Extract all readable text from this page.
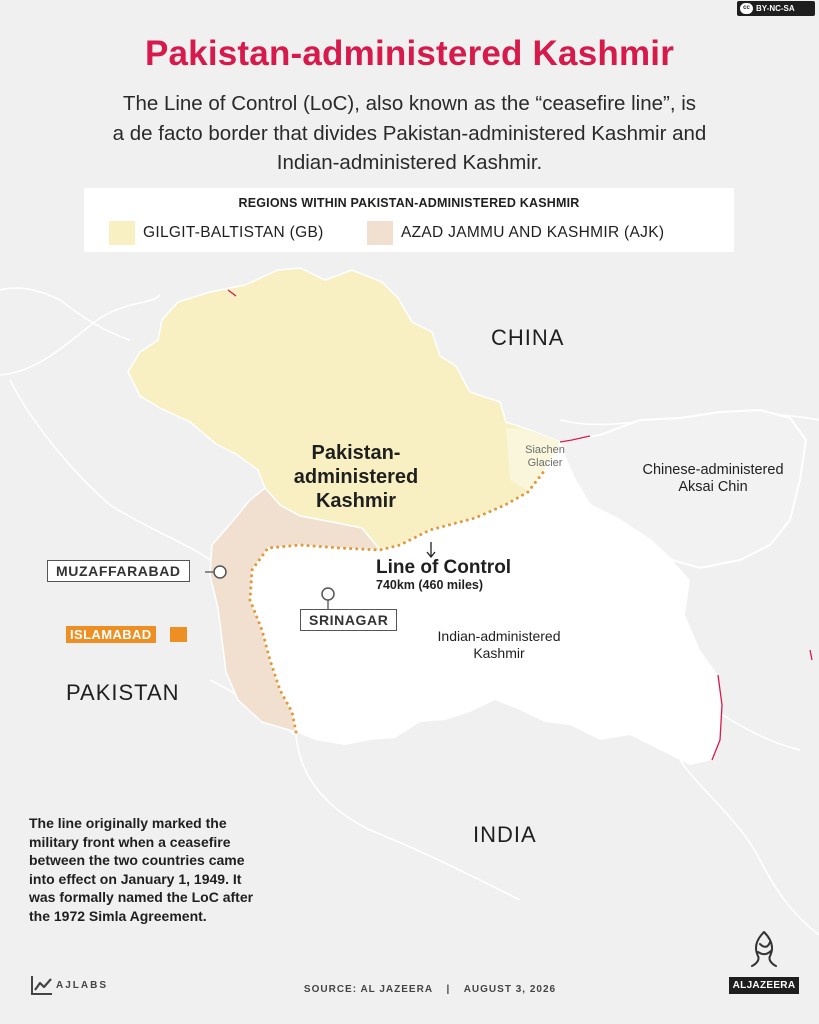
cc BY-NC-SA
Pakistan-administered Kashmir
The Line of Control (LoC), also known as the “ceasefire line”, is
a de facto border that divides Pakistan-administered Kashmir and
Indian-administered Kashmir.
REGIONS WITHIN PAKISTAN-ADMINISTERED KASHMIR
GILGIT-BALTISTAN (GB)	AZAD JAMMU AND KASHMIR (AJK)
CHINA
PAKISTAN
INDIA
Pakistan-
administered
Kashmir
Siachen
Glacier	Chinese-administered
Aksai Chin
Indian-administered
Kashmir
Line of Control
740km (460 miles)
MUZAFFARABAD
SRINAGAR
ISLAMABAD
The line originally marked the military front when a ceasefire between the two countries came into effect on January 1, 1949. It was formally named the LoC after the 1972 Simla Agreement.
AJLABS	SOURCE: AL JAZEERA | AUGUST 3, 2026	ALJAZEERA
